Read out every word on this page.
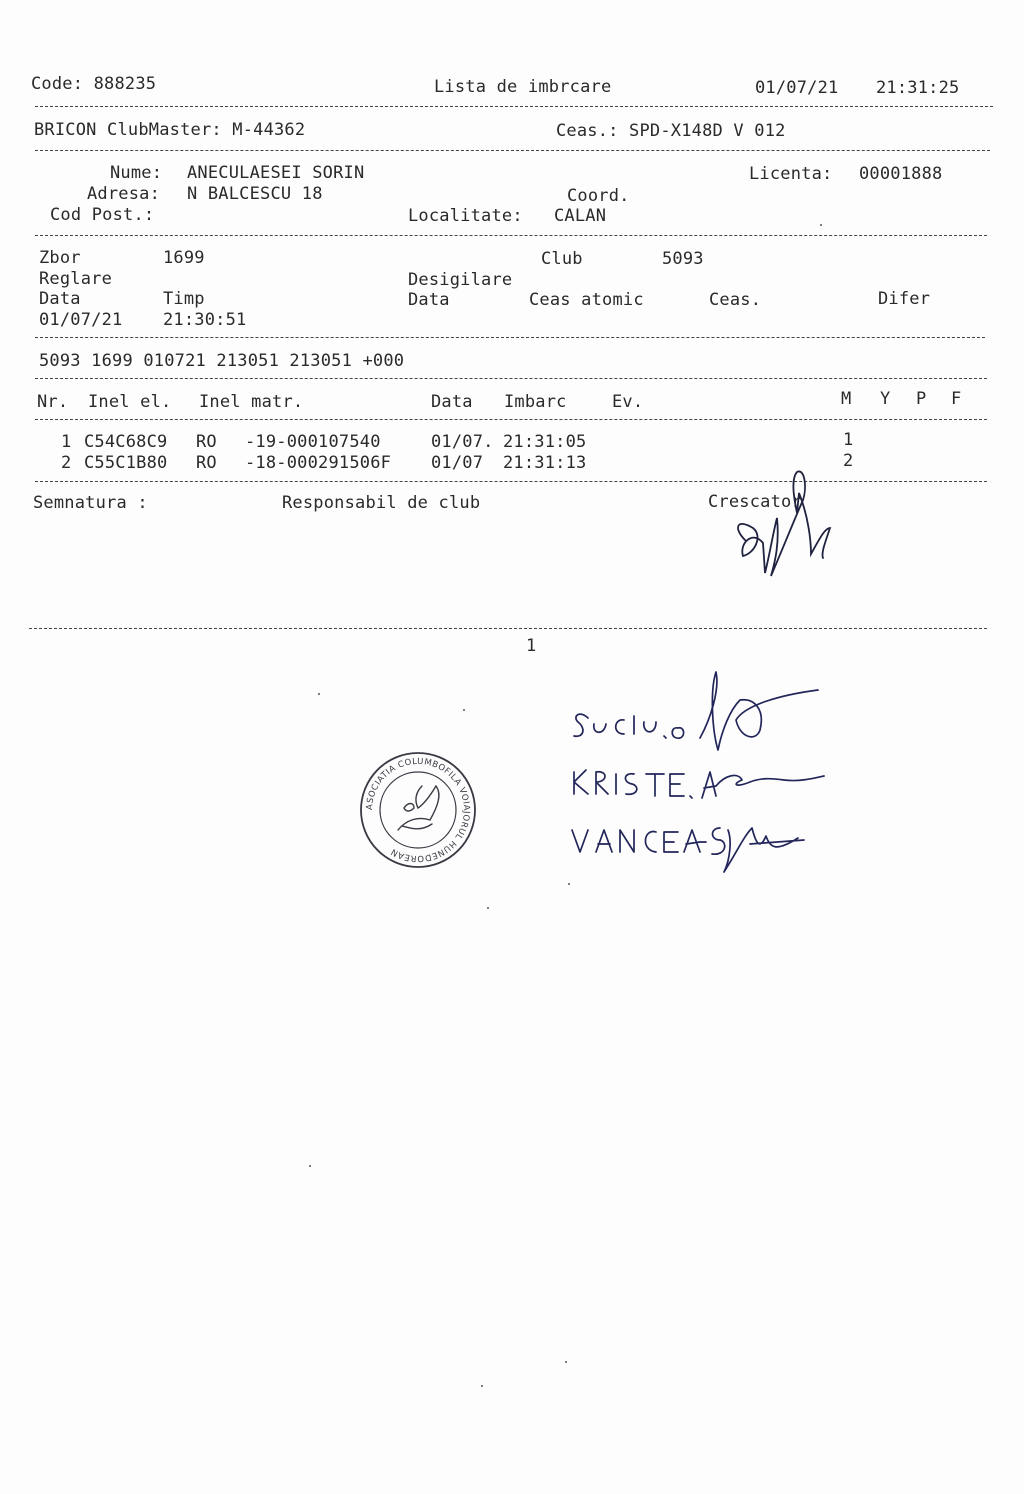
Code: 888235	Lista de imbrcare	01/07/21 21:31:25
BRICON ClubMaster: M-44362	Ceas.: SPD-X148D V 012
Nume: ANECULAESEI SORIN	Licenta: 00001888
Adresa: N BALCESCU 18	Coord.
Cod Post.:	Localitate: CALAN
Zbor	1699	Club	5093
Reglare	Desigilare
Data	Timp	Data	Ceas atomic	Ceas.	Difer
01/07/21 21:30:51
5093 1699 010721 213051 213051 +000
Nr. Inel el. Inel matr.	Data Imbarc	Ev.	M Y P F
1 C54C68C9 RO -19-000107540	01/07. 21:31:05	1
2 C55C1B80 RO -18-000291506F 01/07 21:31:13	2
Semnatura :	Responsabil de club	Crescator
1
ASOCIATIA COLUMBOFILA VOIAJORUL HUNEDOREAN
